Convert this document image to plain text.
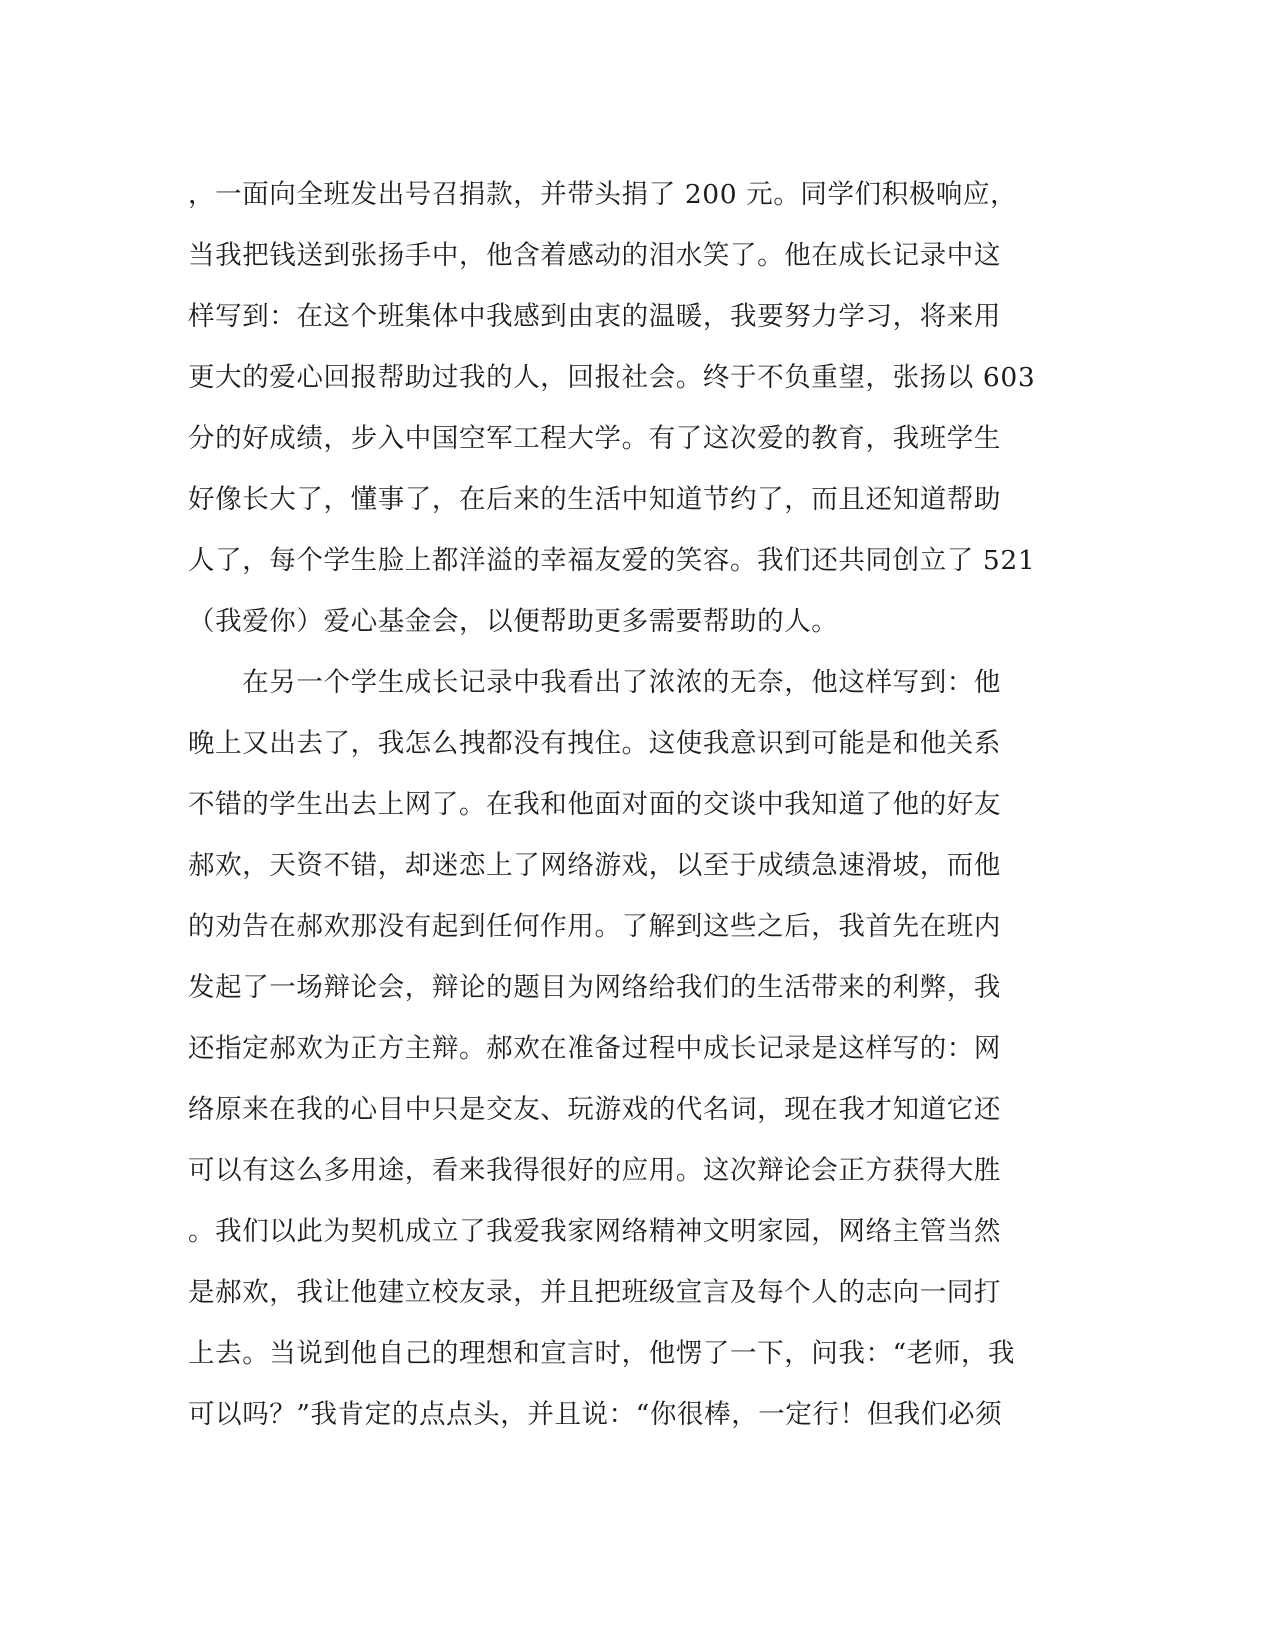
，一面向全班发出号召捐款，并带头捐了 200 元。同学们积极响应，
当我把钱送到张扬手中，他含着感动的泪水笑了。他在成长记录中这
样写到：在这个班集体中我感到由衷的温暖，我要努力学习，将来用
更大的爱心回报帮助过我的人，回报社会。终于不负重望，张扬以 603
分的好成绩，步入中国空军工程大学。有了这次爱的教育，我班学生
好像长大了，懂事了，在后来的生活中知道节约了，而且还知道帮助
人了，每个学生脸上都洋溢的幸福友爱的笑容。我们还共同创立了 521
（我爱你）爱心基金会，以便帮助更多需要帮助的人。
　　在另一个学生成长记录中我看出了浓浓的无奈，他这样写到：他
晚上又出去了，我怎么拽都没有拽住。这使我意识到可能是和他关系
不错的学生出去上网了。在我和他面对面的交谈中我知道了他的好友
郝欢，天资不错，却迷恋上了网络游戏，以至于成绩急速滑坡，而他
的劝告在郝欢那没有起到任何作用。了解到这些之后，我首先在班内
发起了一场辩论会，辩论的题目为网络给我们的生活带来的利弊，我
还指定郝欢为正方主辩。郝欢在准备过程中成长记录是这样写的：网
络原来在我的心目中只是交友、玩游戏的代名词，现在我才知道它还
可以有这么多用途，看来我得很好的应用。这次辩论会正方获得大胜
。我们以此为契机成立了我爱我家网络精神文明家园，网络主管当然
是郝欢，我让他建立校友录，并且把班级宣言及每个人的志向一同打
上去。当说到他自己的理想和宣言时，他愣了一下，问我：“老师，我
可以吗？”我肯定的点点头，并且说：“你很棒，一定行！但我们必须
